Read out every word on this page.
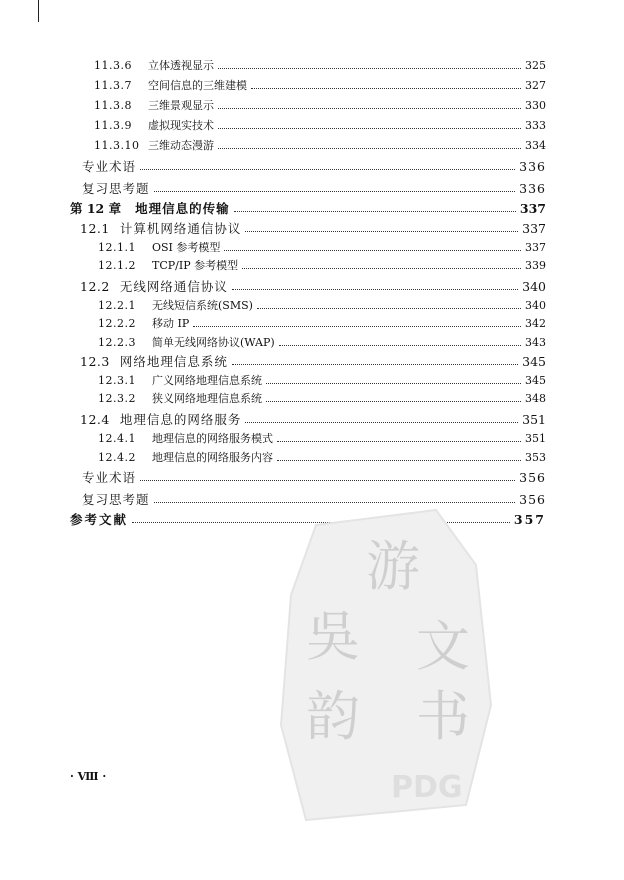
11.3.6	立体透视显示	325
11.3.7	空间信息的三维建模	327
11.3.8	三维景观显示	330
11.3.9	虚拟现实技术	333
11.3.10 三维动态漫游	334
专业术语	336
复习思考题	336
第 12 章 地理信息的传输	337
12.1 计算机网络通信协议	337
12.1.1	OSI 参考模型	337
12.1.2	TCP/IP 参考模型	339
12.2 无线网络通信协议	340
12.2.1	无线短信系统(SMS)	340
12.2.2	移动 IP	342
12.2.3	简单无线网络协议(WAP)	343
12.3 网络地理信息系统	345
12.3.1	广义网络地理信息系统	345
12.3.2	狭义网络地理信息系统	348
12.4 地理信息的网络服务	351
12.4.1	地理信息的网络服务模式	351
12.4.2	地理信息的网络服务内容	353
专业术语	356
复习思考题	356
参考文献	357
· Ⅷ ·
游
吳 文
韵 书
PDG
